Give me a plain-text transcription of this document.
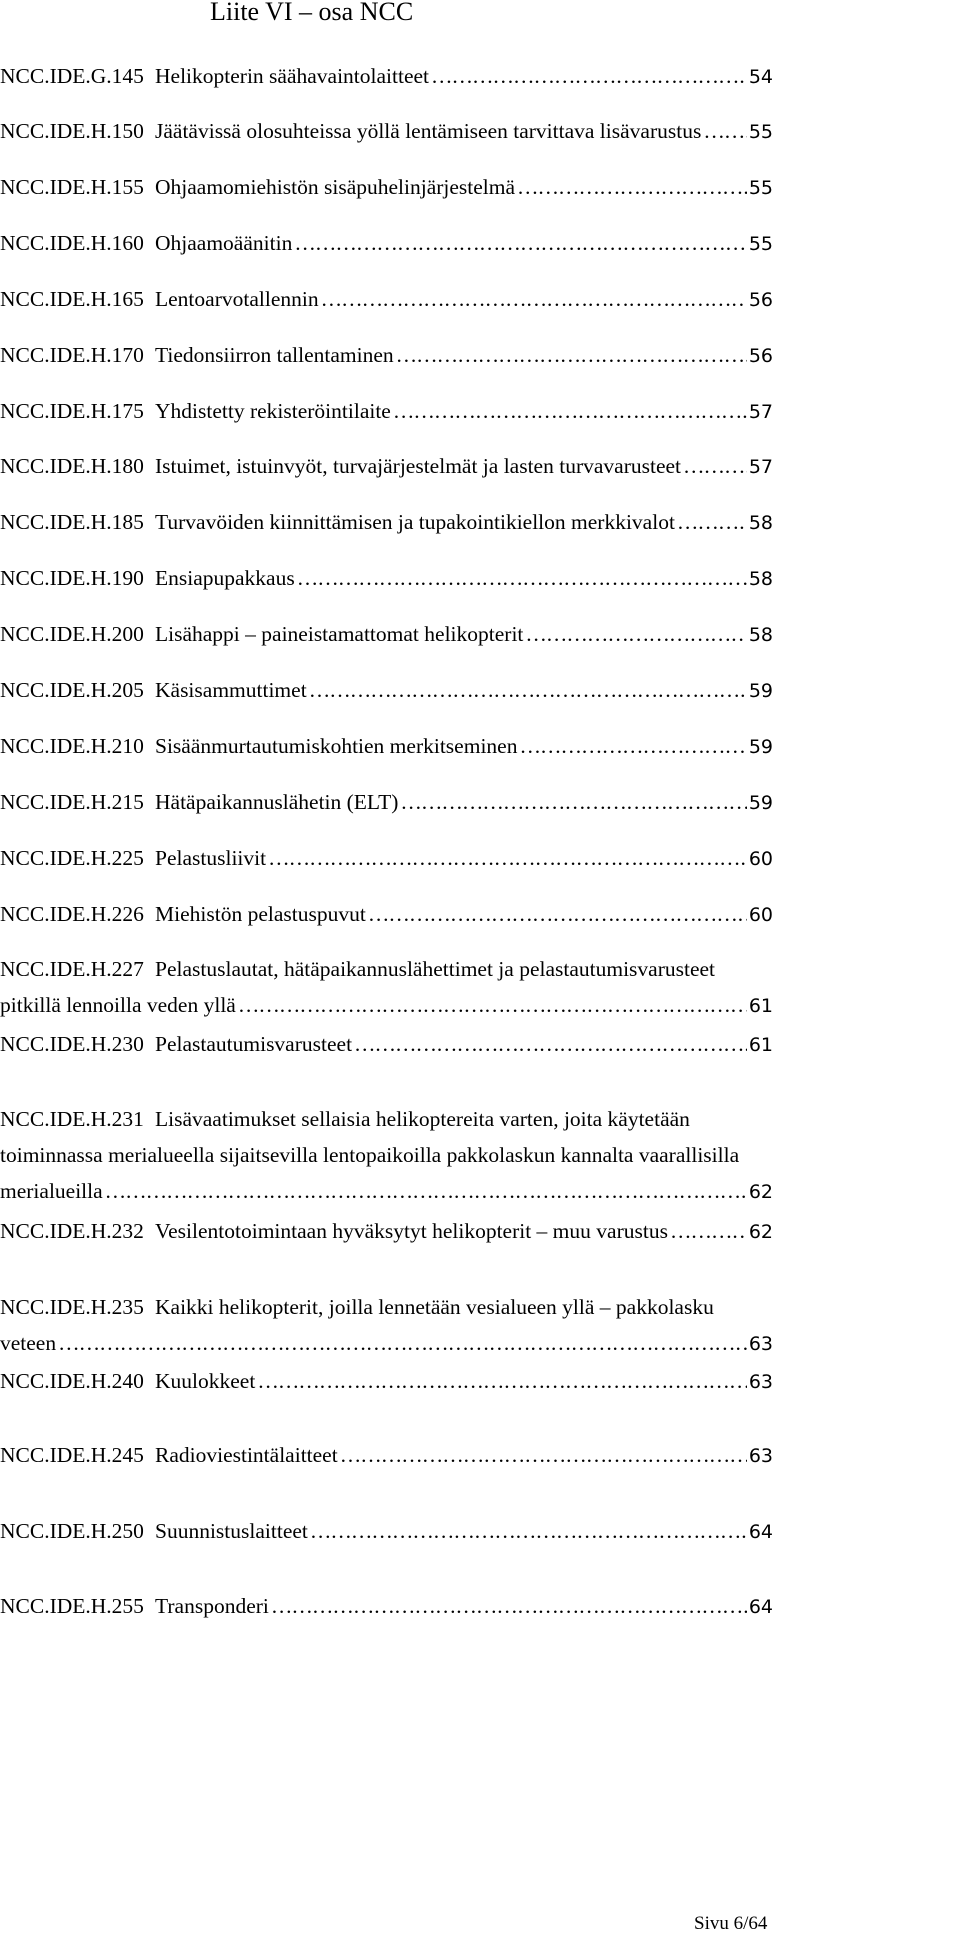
Liite VI – osa NCC
NCC.IDE.G.145 Helikopterin säähavaintolaitteet ………………………………………………………………………………………………………………………………………………………………………………	54
NCC.IDE.H.150 Jäätävissä olosuhteissa yöllä lentämiseen tarvittava lisävarustus ……………………………………………………………………………………………………………………………………………………………………………… 55
NCC.IDE.H.155 Ohjaamomiehistön sisäpuhelinjärjestelmä ………………………………………………………………………………………………………………………………………………………………………………	55
NCC.IDE.H.160 Ohjaamoäänitin ………………………………………………………………………………………………………………………………………………………………………………	55
NCC.IDE.H.165 Lentoarvotallennin ………………………………………………………………………………………………………………………………………………………………………………	56
NCC.IDE.H.170 Tiedonsiirron tallentaminen ………………………………………………………………………………………………………………………………………………………………………………	56
NCC.IDE.H.175 Yhdistetty rekisteröintilaite ………………………………………………………………………………………………………………………………………………………………………………	57
NCC.IDE.H.180 Istuimet, istuinvyöt, turvajärjestelmät ja lasten turvavarusteet ………………………………………………………………………………………………………………………………………………………………………………	57
NCC.IDE.H.185 Turvavöiden kiinnittämisen ja tupakointikiellon merkkivalot ………………………………………………………………………………………………………………………………………………………………………………	58
NCC.IDE.H.190 Ensiapupakkaus ………………………………………………………………………………………………………………………………………………………………………………	58
NCC.IDE.H.200 Lisähappi – paineistamattomat helikopterit ………………………………………………………………………………………………………………………………………………………………………………	58
NCC.IDE.H.205 Käsisammuttimet ………………………………………………………………………………………………………………………………………………………………………………	59
NCC.IDE.H.210 Sisäänmurtautumiskohtien merkitseminen ………………………………………………………………………………………………………………………………………………………………………………	59
NCC.IDE.H.215 Hätäpaikannuslähetin (ELT) ………………………………………………………………………………………………………………………………………………………………………………	59
NCC.IDE.H.225 Pelastusliivit ………………………………………………………………………………………………………………………………………………………………………………	60
NCC.IDE.H.226 Miehistön pelastuspuvut ………………………………………………………………………………………………………………………………………………………………………………	60
NCC.IDE.H.227 Pelastuslautat, hätäpaikannuslähettimet ja pelastautumisvarusteet
pitkillä lennoilla veden yllä ………………………………………………………………………………………………………………………………………………………………………………	61
NCC.IDE.H.230 Pelastautumisvarusteet ………………………………………………………………………………………………………………………………………………………………………………	61
NCC.IDE.H.231 Lisävaatimukset sellaisia helikoptereita varten, joita käytetään
toiminnassa merialueella sijaitsevilla lentopaikoilla pakkolaskun kannalta vaarallisilla
merialueilla ………………………………………………………………………………………………………………………………………………………………………………	62
NCC.IDE.H.232 Vesilentotoimintaan hyväksytyt helikopterit – muu varustus ………………………………………………………………………………………………………………………………………………………………………………	62
NCC.IDE.H.235 Kaikki helikopterit, joilla lennetään vesialueen yllä – pakkolasku
veteen ………………………………………………………………………………………………………………………………………………………………………………	63
NCC.IDE.H.240 Kuulokkeet ………………………………………………………………………………………………………………………………………………………………………………	63
NCC.IDE.H.245 Radioviestintälaitteet ………………………………………………………………………………………………………………………………………………………………………………	63
NCC.IDE.H.250 Suunnistuslaitteet ………………………………………………………………………………………………………………………………………………………………………………	64
NCC.IDE.H.255 Transponderi ………………………………………………………………………………………………………………………………………………………………………………	64
Sivu 6/64
